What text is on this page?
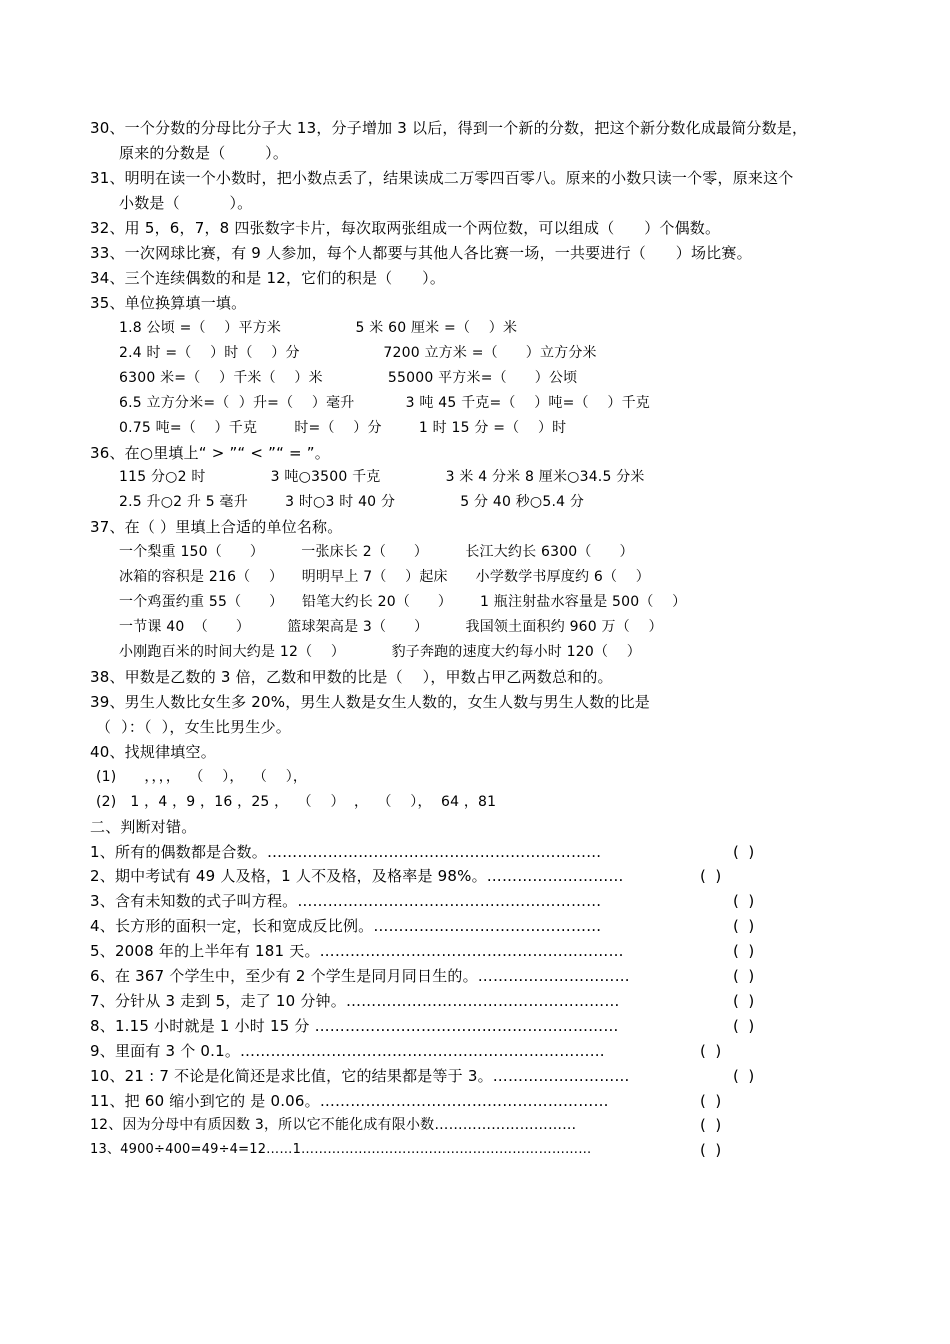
30、一个分数的分母比分子大 13，分子增加 3 以后，得到一个新的分数，把这个新分数化成最简分数是，
原来的分数是（        ）。
31、明明在读一个小数时，把小数点丢了，结果读成二万零四百零八。原来的小数只读一个零，原来这个
小数是（          ）。
32、用 5，6，7，8 四张数字卡片，每次取两张组成一个两位数，可以组成（      ）个偶数。
33、一次网球比赛，有 9 人参加，每个人都要与其他人各比赛一场，一共要进行（      ）场比赛。
34、三个连续偶数的和是 12，它们的积是（      ）。
35、单位换算填一填。
1.8 公顷 =（    ）平方米                5 米 60 厘米 =（    ）米
2.4 时 =（    ）时（    ）分                  7200 立方米 =（      ）立方分米
6300 米=（    ）千米（    ）米              55000 平方米=（      ）公顷
6.5 立方分米=（  ）升=（    ）毫升           3 吨 45 千克=（    ）吨=（    ）千克
0.75 吨=（    ）千克        时=（    ）分        1 时 15 分 =（    ）时
36、在○里填上“ > ”“ < ”“ = ”。
115 分○2 时              3 吨○3500 千克              3 米 4 分米 8 厘米○34.5 分米
2.5 升○2 升 5 毫升        3 时○3 时 40 分              5 分 40 秒○5.4 分
37、在（ ）里填上合适的单位名称。
一个梨重 150（      ）        一张床长 2（      ）        长江大约长 6300（      ）
冰箱的容积是 216（    ）    明明早上 7（    ）起床      小学数学书厚度约 6（    ）
一个鸡蛋约重 55（      ）    铅笔大约长 20（      ）      1 瓶注射盐水容量是 500（    ）
一节课 40  （      ）        篮球架高是 3（      ）        我国领土面积约 960 万（    ）
小刚跑百米的时间大约是 12（    ）          豹子奔跑的速度大约每小时 120（    ）
38、甲数是乙数的 3 倍，乙数和甲数的比是（    ），甲数占甲乙两数总和的。
39、男生人数比女生多 20%，男生人数是女生人数的，女生人数与男生人数的比是
（  ）：（  ），女生比男生少。
40、找规律填空。
(1)      ，，，，  （    ），  （    ），
(2)   1 ，4 ，9 ，16 ，25 ，  （    ）  ，  （    ），  64 ，81
二、判断对错。
1、所有的偶数都是合数。…………………………………………………………	(  )
2、期中考试有 49 人及格，1 人不及格，及格率是 98%。………………………	(  )
3、含有未知数的式子叫方程。……………………………………………………	(  )
4、长方形的面积一定，长和宽成反比例。………………………………………	(  )
5、2008 年的上半年有 181 天。……………………………………………………	(  )
6、在 367 个学生中，至少有 2 个学生是同月同日生的。…………………………	(  )
7、分针从 3 走到 5，走了 10 分钟。………………………………………………	(  )
8、1.15 小时就是 1 小时 15 分 ……………………………………………………	(  )
9、里面有 3 个 0.1。………………………………………………………………	(  )
10、21 : 7 不论是化简还是求比值，它的结果都是等于 3。………………………	(  )
11、把 60 缩小到它的 是 0.06。…………………………………………………	(  )
12、因为分母中有质因数 3，所以它不能化成有限小数…………………………	(  )
13、4900÷400=49÷4=12……1…………………………………………………………	(  )
